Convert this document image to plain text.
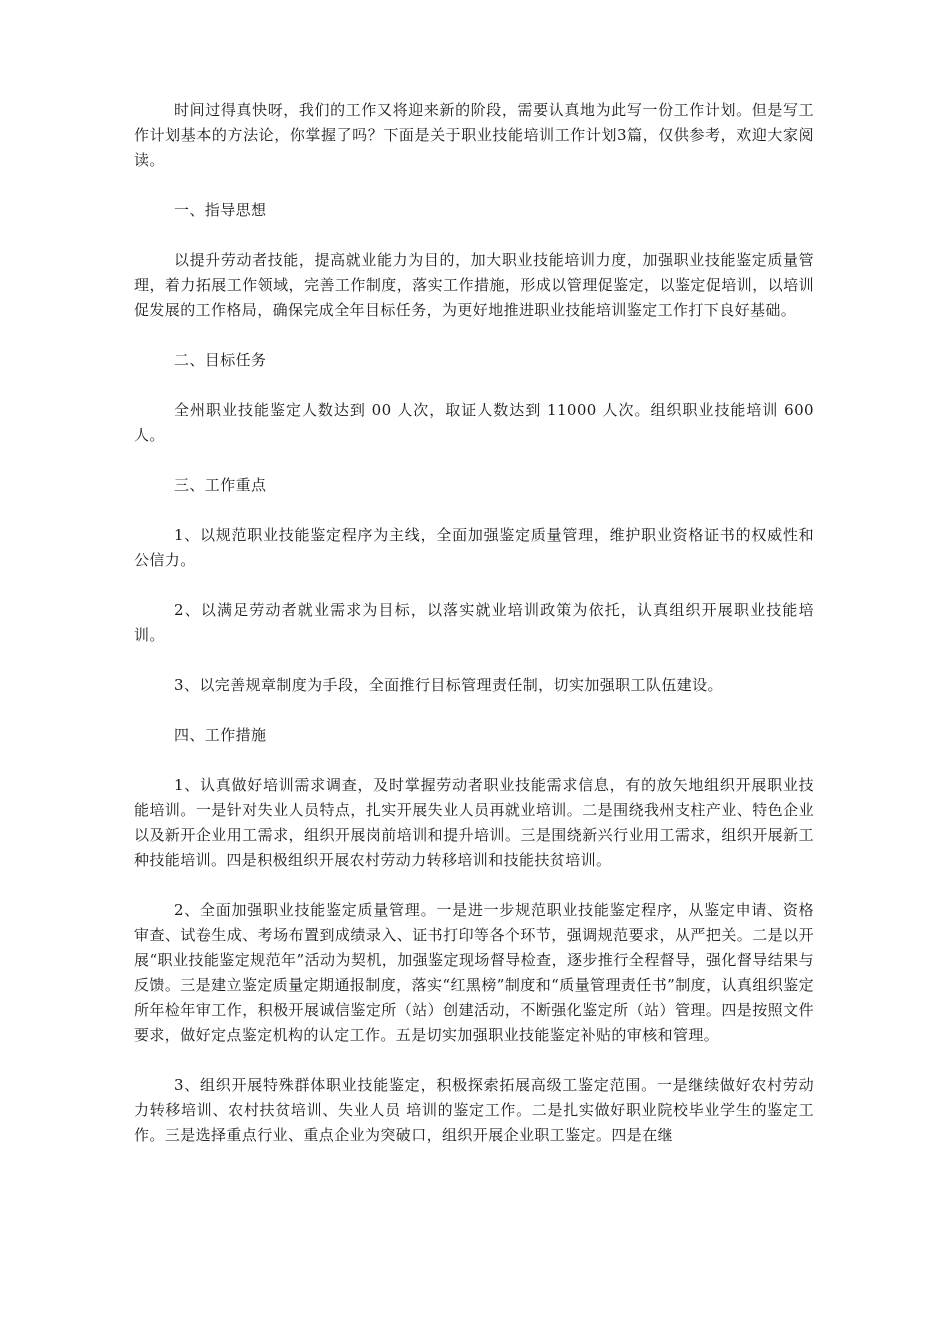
时间过得真快呀，我们的工作又将迎来新的阶段，需要认真地为此写一份工作计划。但是写工作计划基本的方法论，你掌握了吗？下面是关于职业技能培训工作计划3篇，仅供参考，欢迎大家阅读。

一、指导思想

以提升劳动者技能，提高就业能力为目的，加大职业技能培训力度，加强职业技能鉴定质量管理，着力拓展工作领域，完善工作制度，落实工作措施，形成以管理促鉴定，以鉴定促培训，以培训促发展的工作格局，确保完成全年目标任务，为更好地推进职业技能培训鉴定工作打下良好基础。

二、目标任务

全州职业技能鉴定人数达到 00 人次，取证人数达到 11000 人次。组织职业技能培训 600 人。

三、工作重点

1、以规范职业技能鉴定程序为主线，全面加强鉴定质量管理，维护职业资格证书的权威性和公信力。

2、以满足劳动者就业需求为目标，以落实就业培训政策为依托，认真组织开展职业技能培训。

3、以完善规章制度为手段，全面推行目标管理责任制，切实加强职工队伍建设。

四、工作措施

1、认真做好培训需求调查，及时掌握劳动者职业技能需求信息，有的放矢地组织开展职业技能培训。一是针对失业人员特点，扎实开展失业人员再就业培训。二是围绕我州支柱产业、特色企业以及新开企业用工需求，组织开展岗前培训和提升培训。三是围绕新兴行业用工需求，组织开展新工种技能培训。四是积极组织开展农村劳动力转移培训和技能扶贫培训。

2、全面加强职业技能鉴定质量管理。一是进一步规范职业技能鉴定程序，从鉴定申请、资格审查、试卷生成、考场布置到成绩录入、证书打印等各个环节，强调规范要求，从严把关。二是以开展“职业技能鉴定规范年”活动为契机，加强鉴定现场督导检查，逐步推行全程督导，强化督导结果与反馈。三是建立鉴定质量定期通报制度，落实“红黑榜”制度和“质量管理责任书”制度，认真组织鉴定所年检年审工作，积极开展诚信鉴定所（站）创建活动，不断强化鉴定所（站）管理。四是按照文件要求，做好定点鉴定机构的认定工作。五是切实加强职业技能鉴定补贴的审核和管理。

3、组织开展特殊群体职业技能鉴定，积极探索拓展高级工鉴定范围。一是继续做好农村劳动力转移培训、农村扶贫培训、失业人员 培训的鉴定工作。二是扎实做好职业院校毕业学生的鉴定工作。三是选择重点行业、重点企业为突破口，组织开展企业职工鉴定。四是在继
